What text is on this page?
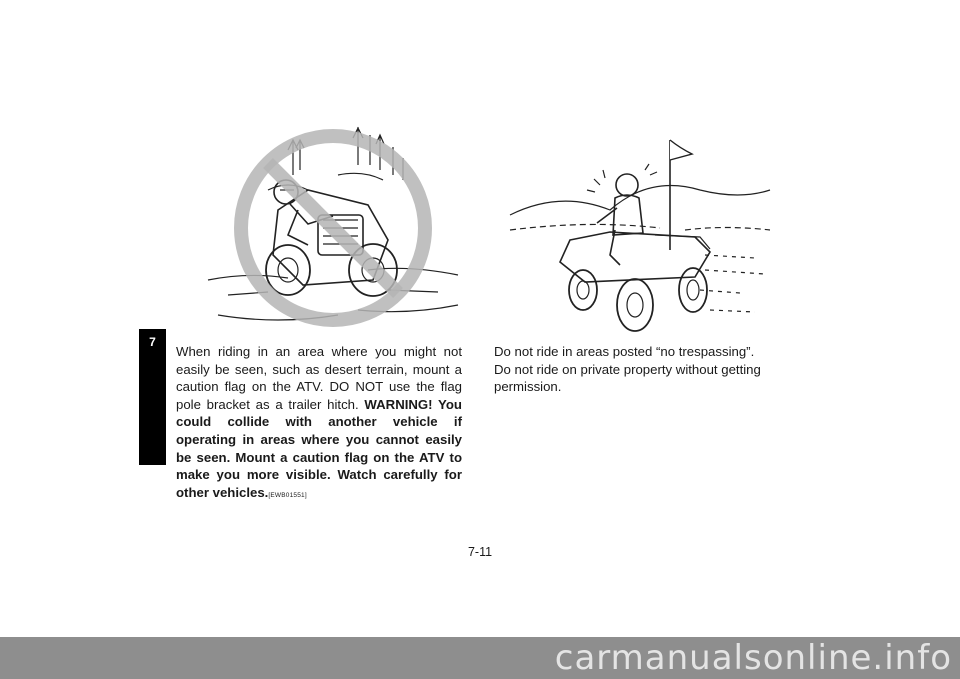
7

When riding in an area where you might not easily be seen, such as desert terrain, mount a caution flag on the ATV. DO NOT use the flag pole bracket as a trailer hitch. WARNING! You could collide with another vehicle if operating in areas where you cannot easily be seen. Mount a caution flag on the ATV to make you more visible. Watch carefully for other vehicles.[EWB01551]

Do not ride in areas posted “no trespassing”.

Do not ride on private property without getting permission.

7-11
carmanualsonline.info
